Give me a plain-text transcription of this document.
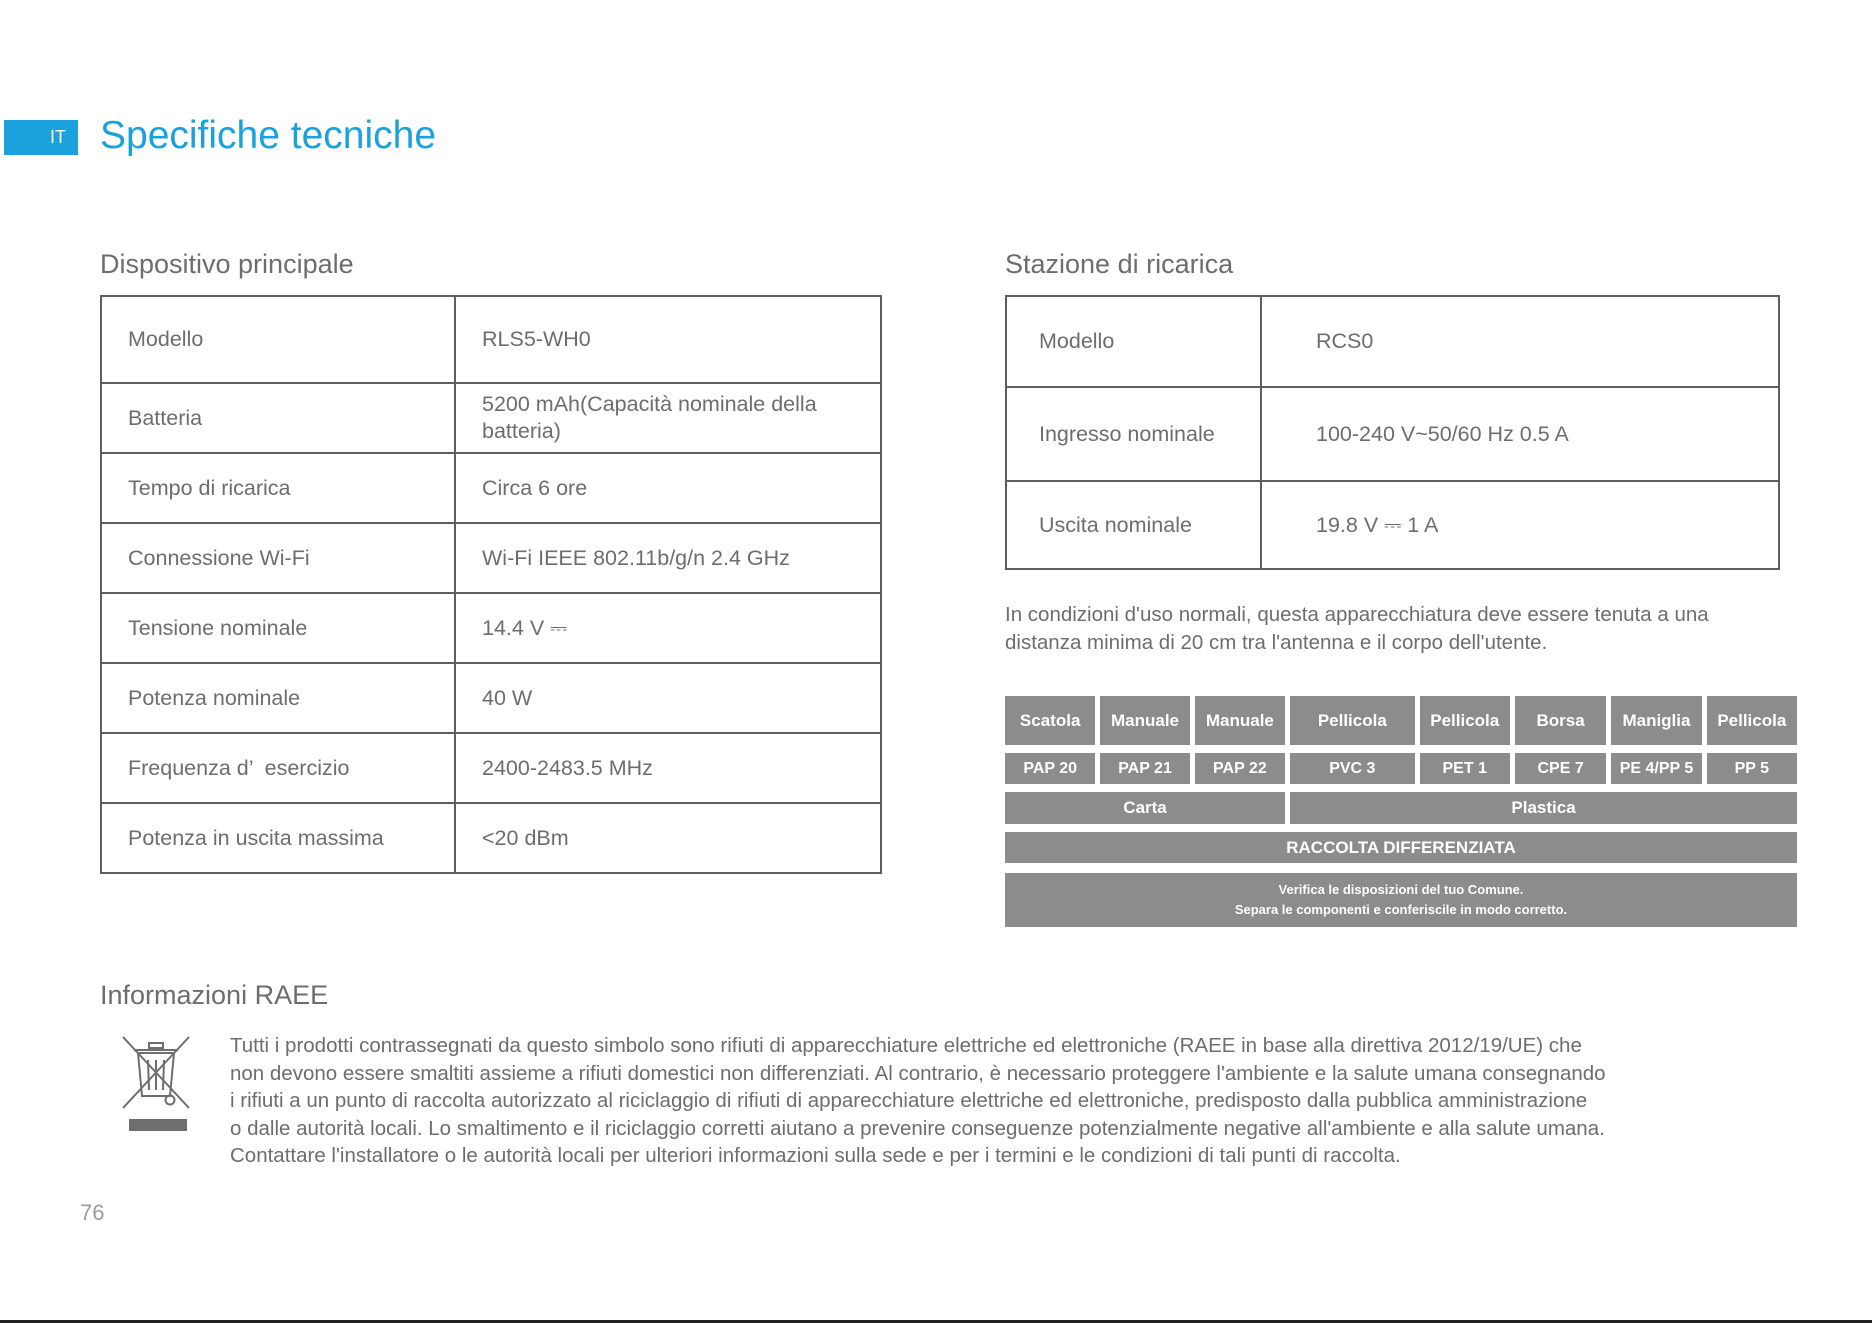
IT Specifiche tecniche
Dispositivo principale
Modello	RLS5-WH0
Batteria	5200 mAh(Capacità nominale della batteria)
Tempo di ricarica	Circa 6 ore
Connessione Wi-Fi	Wi-Fi IEEE 802.11b/g/n 2.4 GHz
Tensione nominale	14.4 V ⎓
Potenza nominale	40 W
Frequenza d’  esercizio	2400-2483.5 MHz
Potenza in uscita massima	<20 dBm
Stazione di ricarica
Modello	RCS0
Ingresso nominale	100-240 V~50/60 Hz 0.5 A
Uscita nominale	19.8 V ⎓ 1 A
In condizioni d'uso normali, questa apparecchiatura deve essere tenuta a una
distanza minima di 20 cm tra l'antenna e il corpo dell'utente.
Scatola	Manuale	Manuale	Pellicola	Pellicola	Borsa	Maniglia	Pellicola
PAP 20	PAP 21	PAP 22	PVC 3	PET 1	CPE 7	PE 4/PP 5	PP 5
Carta	Plastica
RACCOLTA DIFFERENZIATA
Verifica le disposizioni del tuo Comune.
Separa le componenti e conferiscile in modo corretto.
Informazioni RAEE
Tutti i prodotti contrassegnati da questo simbolo sono rifiuti di apparecchiature elettriche ed elettroniche (RAEE in base alla direttiva 2012/19/UE) che
non devono essere smaltiti assieme a rifiuti domestici non differenziati. Al contrario, è necessario proteggere l'ambiente e la salute umana consegnando
i rifiuti a un punto di raccolta autorizzato al riciclaggio di rifiuti di apparecchiature elettriche ed elettroniche, predisposto dalla pubblica amministrazione
o dalle autorità locali. Lo smaltimento e il riciclaggio corretti aiutano a prevenire conseguenze potenzialmente negative all'ambiente e alla salute umana.
Contattare l'installatore o le autorità locali per ulteriori informazioni sulla sede e per i termini e le condizioni di tali punti di raccolta.
76
